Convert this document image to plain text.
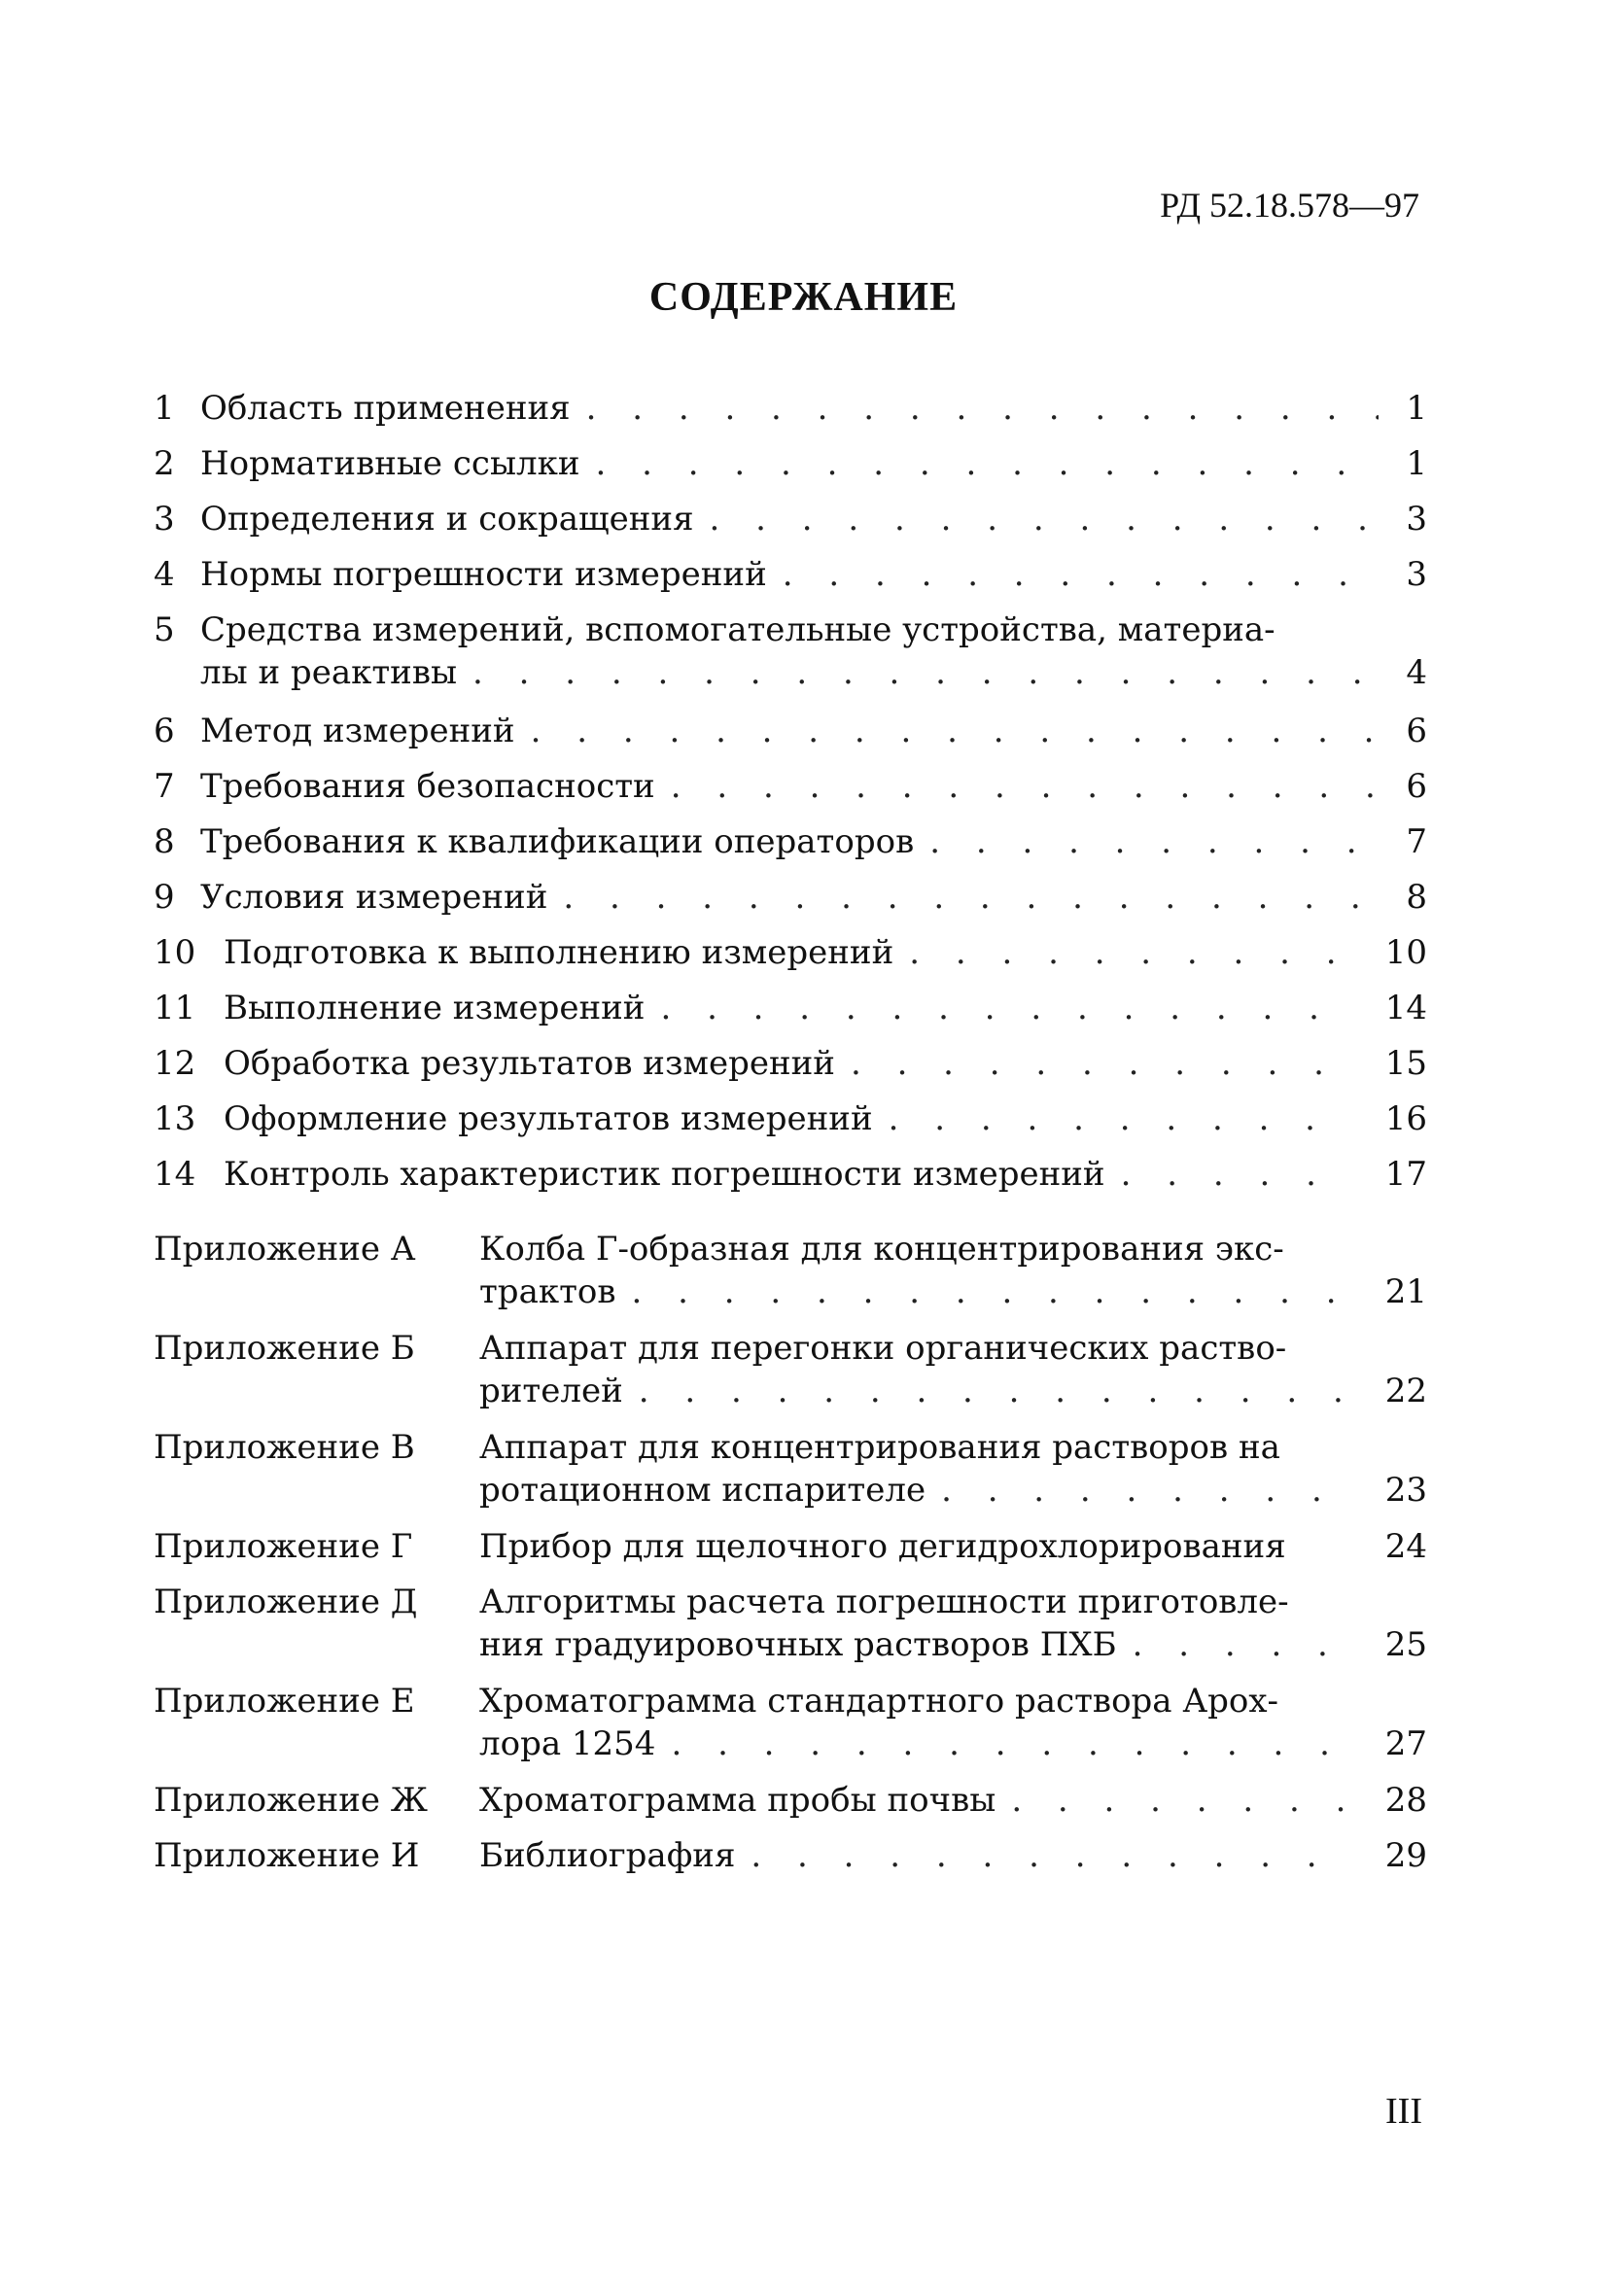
РД 52.18.578—97
СОДЕРЖАНИЕ
1 Область применения . . .	1
2 Нормативные ссылки . . .	1
3 Определения и сокращения . . .	3
4 Нормы погрешности измерений . . .	3
5 Средства измерений, вспомогательные устройства, материа-
лы и реактивы . . .	4
6 Метод измерений . . .	6
7 Требования безопасности . . .	6
8 Требования к квалификации операторов . . .	7
9 Условия измерений . . .	8
10 Подготовка к выполнению измерений . . .	10
11 Выполнение измерений . . .	14
12 Обработка результатов измерений . . .	15
13 Оформление результатов измерений . . .	16
14 Контроль характеристик погрешности измерений . . .	17
Приложение А	Колба Г-образная для концентрирования экс-
трактов . . .	21
Приложение Б	Аппарат для перегонки органических раство-
рителей . . .	22
Приложение В	Аппарат для концентрирования растворов на
ротационном испарителе . . .	23
Приложение Г	Прибор для щелочного дегидрохлорирования	24
Приложение Д	Алгоритмы расчета погрешности приготовле-
ния градуировочных растворов ПХБ . . .	25
Приложение Е	Хроматограмма стандартного раствора Арох-
лора 1254 . . .	27
Приложение Ж	Хроматограмма пробы почвы . . .	28
Приложение И	Библиография . . .	29
III
